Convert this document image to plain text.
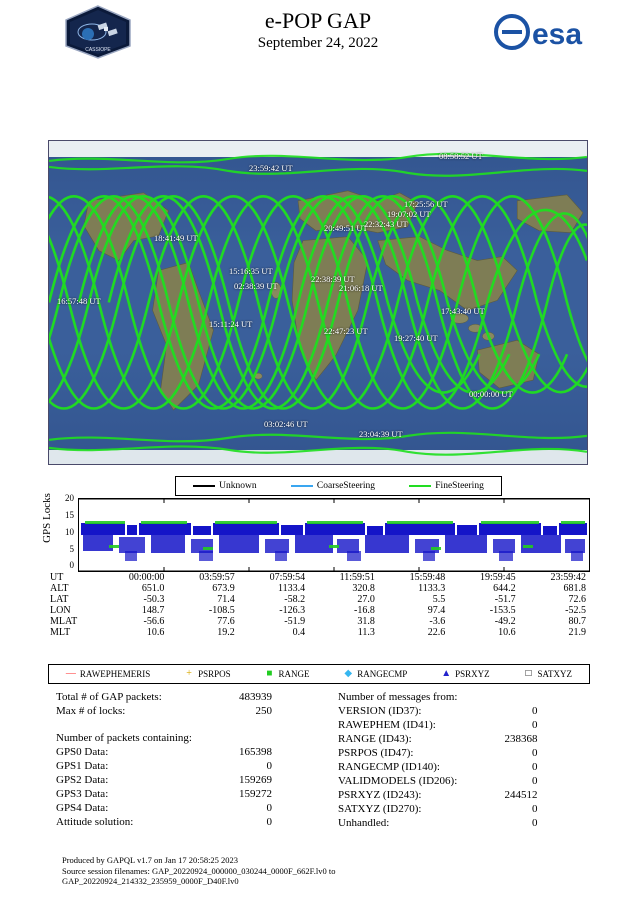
e-POP GAP
September 24, 2022
CASSIOPE	esa
08:58:52 UT
23:59:42 UT
18:41:49 UT
17:25:56 UT
19:07:02 UT
20:49:51 UT
22:32:43 UT
15:16:35 UT
02:38:39 UT
22:38:39 UT
21:06:18 UT
16:57:48 UT
17:43:40 UT
15:11:24 UT
22:47:23 UT
19:27:40 UT
00:00:00 UT
03:02:46 UT
23:04:39 UT
Unknown	CoarseSteering	FineSteering
GPS Locks	20
15
10
5
0
UT	00:00:00	03:59:57	07:59:54	11:59:51	15:59:48	19:59:45	23:59:42
ALT	651.0	673.9	1133.4	320.8	1133.3	644.2	681.8
LAT	-50.3	71.4	-58.2	27.0	5.5	-51.7	72.6
LON	148.7	-108.5	-126.3	-16.8	97.4	-153.5	-52.5
MLAT	-56.6	77.6	-51.9	31.8	-3.6	-49.2	80.7
MLT	10.6	19.2	0.4	11.3	22.6	10.6	21.9
— RAWEPHEMERIS	+ PSRPOS	■ RANGE	◆ RANGECMP	▲ PSRXYZ	□ SATXYZ
Total # of GAP packets:	483939
Max # of locks:	250

Number of packets containing:	
GPS0 Data:	165398
GPS1 Data:	0
GPS2 Data:	159269
GPS3 Data:	159272
GPS4 Data:	0
Attitude solution:	0
Number of messages from:	
VERSION (ID37):	0
RAWEPHEM (ID41):	0
RANGE (ID43):	238368
PSRPOS (ID47):	0
RANGECMP (ID140):	0
VALIDMODELS (ID206):	0
PSRXYZ (ID243):	244512
SATXYZ (ID270):	0
Unhandled:	0
Produced by GAPQL v1.7 on Jan 17 20:58:25 2023
Source session filenames: GAP_20220924_000000_030244_0000F_662F.lv0 to
GAP_20220924_214332_235959_0000F_D40F.lv0
